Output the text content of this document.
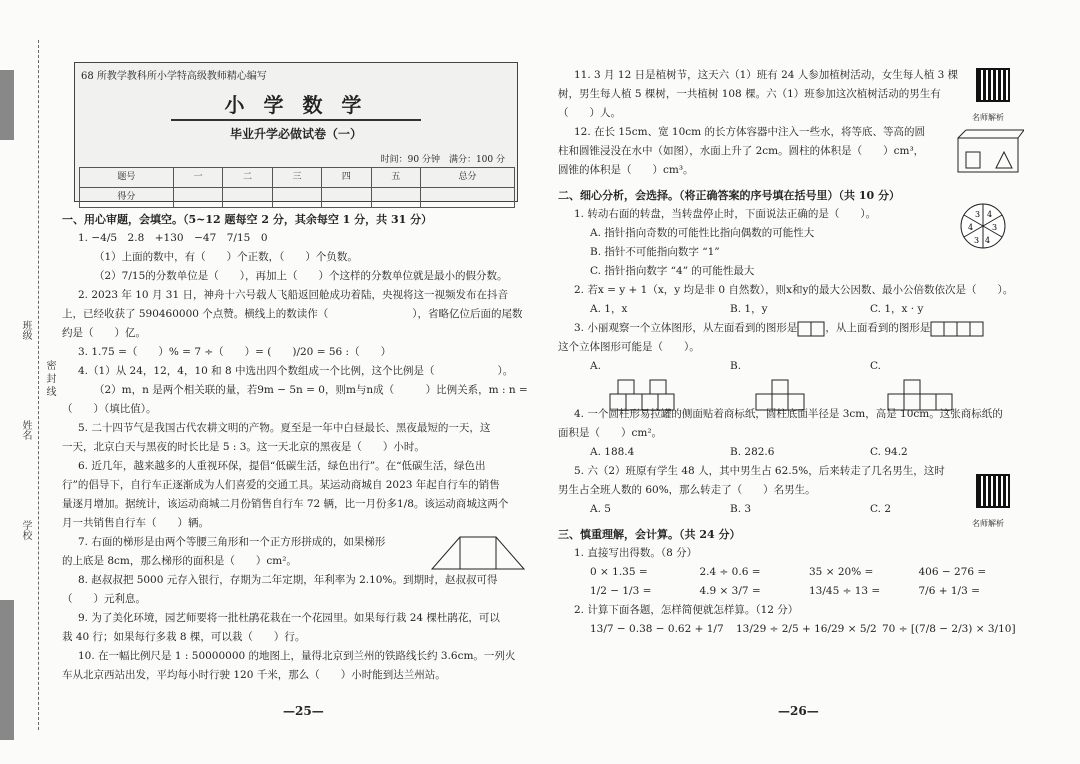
班级
姓名
学校
密 封 线
68 所教学教科所小学特高级教师精心编写
小 学 数 学
毕业升学必做试卷（一）
时间：90 分钟　满分：100 分
题号	一	二	三	四	五	总分
得分						
一、用心审题，会填空。（5~12 题每空 2 分，其余每空 1 分，共 31 分）
1. −4/5　2.8　+130　−47　7/15　0
（1）上面的数中，有（　　）个正数，（　　）个负数。
（2）7/15的分数单位是（　　），再加上（　　）个这样的分数单位就是最小的假分数。
2. 2023 年 10 月 31 日，神舟十六号载人飞船返回舱成功着陆，央视将这一视频发布在抖音
上，已经收获了 590460000 个点赞。横线上的数读作（　　　　　　　　），省略亿位后面的尾数
约是（　　）亿。
3. 1.75 =（　　）% = 7 ÷（　　）= (　　)/20 = 56 :（　　）
4.（1）从 24，12，4，10 和 8 中选出四个数组成一个比例，这个比例是（　　　　　　）。
（2）m，n 是两个相关联的量，若9m − 5n = 0，则m与n成（　　　）比例关系，m : n =
（　　）（填比值）。
5. 二十四节气是我国古代农耕文明的产物。夏至是一年中白昼最长、黑夜最短的一天，这
一天，北京白天与黑夜的时长比是 5 : 3。这一天北京的黑夜是（　　）小时。
6. 近几年，越来越多的人重视环保，提倡“低碳生活，绿色出行”。在“低碳生活，绿色出
行”的倡导下，自行车正逐渐成为人们喜爱的交通工具。某运动商城自 2023 年起自行车的销售
量逐月增加。据统计，该运动商城二月份销售自行车 72 辆，比一月份多1/8。该运动商城这两个
月一共销售自行车（　　）辆。
7. 右面的梯形是由两个等腰三角形和一个正方形拼成的，如果梯形
的上底是 8cm，那么梯形的面积是（　　）cm²。
8. 赵叔叔把 5000 元存入银行，存期为二年定期，年利率为 2.10%。到期时，赵叔叔可得
（　　）元利息。
9. 为了美化环境，园艺师要将一批杜鹃花栽在一个花园里。如果每行栽 24 棵杜鹃花，可以
栽 40 行；如果每行多栽 8 棵，可以栽（　　）行。
10. 在一幅比例尺是 1 : 50000000 的地图上，量得北京到兰州的铁路线长约 3.6cm。一列火
车从北京西站出发，平均每小时行驶 120 千米，那么（　　）小时能到达兰州站。
—25—
11. 3 月 12 日是植树节，这天六（1）班有 24 人参加植树活动，女生每人植 3 棵
树，男生每人植 5 棵树，一共植树 108 棵。六（1）班参加这次植树活动的男生有
（　　）人。
12. 在长 15cm、宽 10cm 的长方体容器中注入一些水，将等底、等高的圆
柱和圆锥浸没在水中（如图），水面上升了 2cm。圆柱的体积是（　　）cm³，
圆锥的体积是（　　）cm³。
名师解析
二、细心分析，会选择。（将正确答案的序号填在括号里）（共 10 分）
1. 转动右面的转盘，当转盘停止时，下面说法正确的是（　　）。
A. 指针指向奇数的可能性比指向偶数的可能性大
B. 指针不可能指向数字 “1”
C. 指针指向数字 “4” 的可能性最大
4
3
4
3
4
3
2. 若x = y + 1（x，y 均是非 0 自然数），则x和y的最大公因数、最小公倍数依次是（　　）。
A. 1，x	B. 1，y	C. 1，x · y
3. 小丽观察一个立体图形，从左面看到的图形是	，从上面看到的图形是
这个立体图形可能是（　　）。
A.	B.	C.
4. 一个圆柱形易拉罐的侧面贴着商标纸，圆柱底面半径是 3cm，高是 10cm。这张商标纸的
面积是（　　）cm²。
A. 188.4	B. 282.6	C. 94.2
5. 六（2）班原有学生 48 人，其中男生占 62.5%，后来转走了几名男生，这时
男生占全班人数的 60%，那么转走了（　　）名男生。
名师解析
A. 5	B. 3	C. 2
三、慎重理解，会计算。（共 24 分）
1. 直接写出得数。（8 分）
0 × 1.35 =	2.4 ÷ 0.6 =	35 × 20% =	406 − 276 =
1/2 − 1/3 =	4.9 × 3/7 =	13/45 ÷ 13 =	7/6 + 1/3 =
2. 计算下面各题，怎样简便就怎样算。（12 分）
13/7 − 0.38 − 0.62 + 1/7	13/29 ÷ 2/5 + 16/29 × 5/2 70 ÷ [(7/8 − 2/3) × 3/10]
—26—
